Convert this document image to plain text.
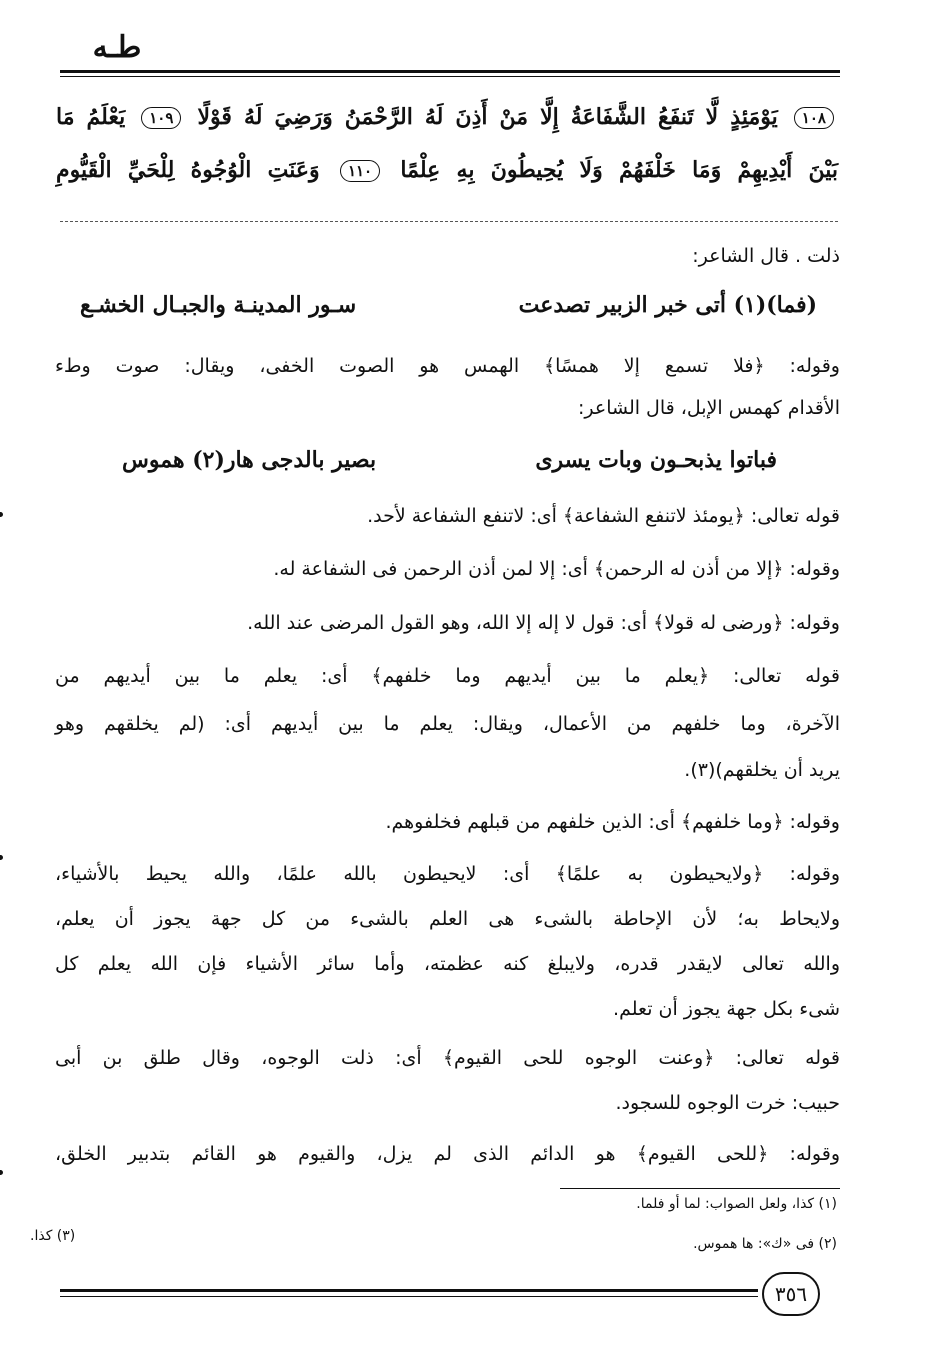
طـه
١٠٨ يَوْمَئِذٍ لَّا تَنفَعُ الشَّفَاعَةُ إِلَّا مَنْ أَذِنَ لَهُ الرَّحْمَنُ وَرَضِيَ لَهُ قَوْلًا ١٠٩ يَعْلَمُ مَا
بَيْنَ أَيْدِيهِمْ وَمَا خَلْفَهُمْ وَلَا يُحِيطُونَ بِهِ عِلْمًا ١١٠ وَعَنَتِ الْوُجُوهُ لِلْحَيِّ الْقَيُّومِ
ذلت . قال الشاعر:
(فما)(١) أتى خبر الزبير تصدعت
سـور المدينـة والجبـال الخشـع
وقوله: ﴿فلا تسمع إلا همسًا﴾ الهمس هو الصوت الخفى، ويقال: صوت وطء
الأقدام كهمس الإبل، قال الشاعر:
فباتوا يذبحـون وبات يسرى
بصير بالدجى هار(٢) هموس
قوله تعالى: ﴿يومئذ لاتنفع الشفاعة﴾ أى: لاتنفع الشفاعة لأحد.
وقوله: ﴿إلا من أذن له الرحمن﴾ أى: إلا لمن أذن الرحمن فى الشفاعة له.
وقوله: ﴿ورضى له قولا﴾ أى: قول لا إله إلا الله، وهو القول المرضى عند الله.
قوله تعالى: ﴿يعلم ما بين أيديهم وما خلفهم﴾ أى: يعلم ما بين أيديهم من
الآخرة، وما خلفهم من الأعمال، ويقال: يعلم ما بين أيديهم أى: (لم يخلقهم وهو
يريد أن يخلقهم)(٣).
وقوله: ﴿وما خلفهم﴾ أى: الذين خلفهم من قبلهم فخلفوهم.
وقوله: ﴿ولايحيطون به علمًا﴾ أى: لايحيطون بالله علمًا، والله يحيط بالأشياء،
ولايحاط به؛ لأن الإحاطة بالشىء هى العلم بالشىء من كل جهة يجوز أن يعلم،
والله تعالى لايقدر قدره، ولايبلغ كنه عظمته، وأما سائر الأشياء فإن الله يعلم كل
شىء بكل جهة يجوز أن تعلم.
قوله تعالى: ﴿وعنت الوجوه للحى القيوم﴾ أى: ذلت الوجوه، وقال طلق بن أبى
حبيب: خرت الوجوه للسجود.
وقوله: ﴿للحى القيوم﴾ هو الدائم الذى لم يزل، والقيوم هو القائم بتدبير الخلق،
(١) كذا، ولعل الصواب: لما أو فلما.
(٢) فى «ك»: ها هموس.
(٣) كذا.
٣٥٦
